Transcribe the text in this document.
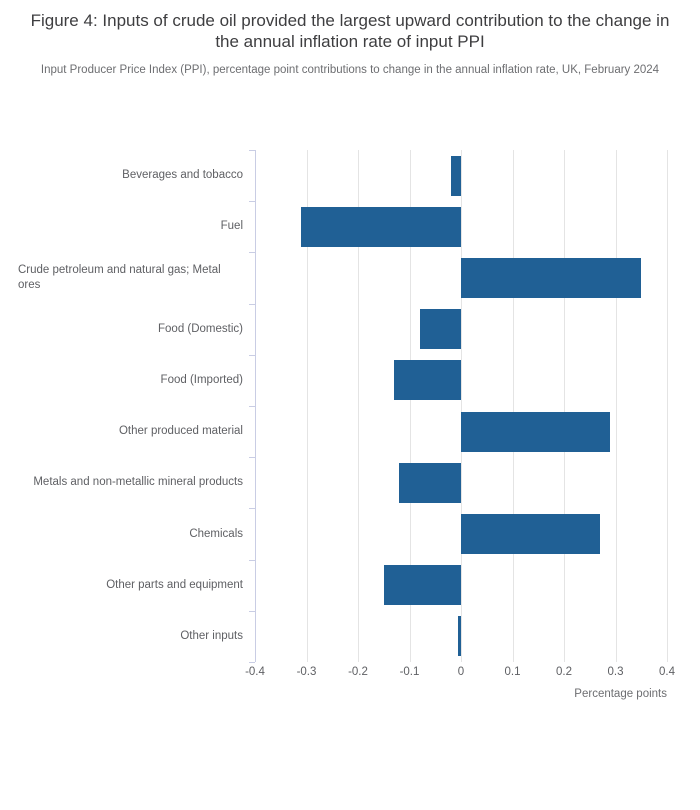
Figure 4: Inputs of crude oil provided the largest upward contribution to the change in the annual inflation rate of input PPI

Input Producer Price Index (PPI), percentage point contributions to change in the annual inflation rate, UK, February 2024

Beverages and tobacco
Fuel
Crude petroleum and natural gas; Metal ores
Food (Domestic)
Food (Imported)
Other produced material
Metals and non-metallic mineral products
Chemicals
Other parts and equipment
Other inputs
-0.4	-0.3	-0.2	-0.1	0	0.1	0.2	0.3	0.4
Percentage points
